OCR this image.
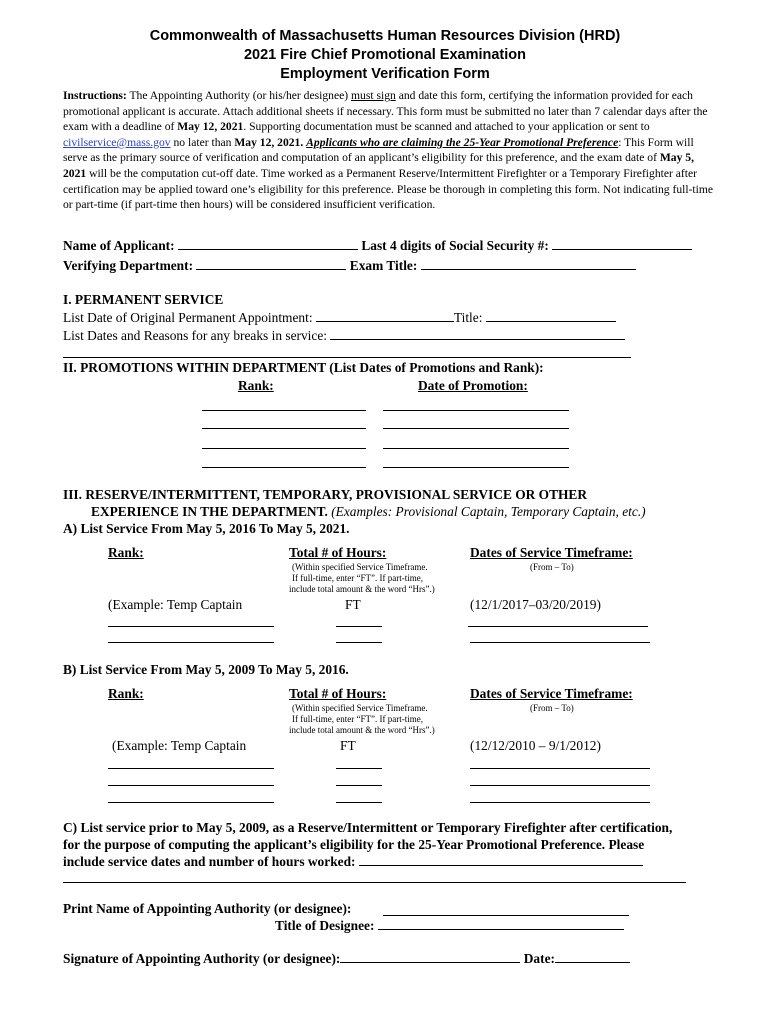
Commonwealth of Massachusetts Human Resources Division (HRD)
2021 Fire Chief Promotional Examination
Employment Verification Form
Instructions: The Appointing Authority (or his/her designee) must sign and date this form, certifying the information provided for each promotional applicant is accurate. Attach additional sheets if necessary. This form must be submitted no later than 7 calendar days after the exam with a deadline of May 12, 2021. Supporting documentation must be scanned and attached to your application or sent to civilservice@mass.gov no later than May 12, 2021. Applicants who are claiming the 25-Year Promotional Preference: This Form will serve as the primary source of verification and computation of an applicant’s eligibility for this preference, and the exam date of May 5, 2021 will be the computation cut-off date. Time worked as a Permanent Reserve/Intermittent Firefighter or a Temporary Firefighter after certification may be applied toward one’s eligibility for this preference. Please be thorough in completing this form. Not indicating full-time or part-time (if part-time then hours) will be considered insufficient verification.
Name of Applicant:	Last 4 digits of Social Security #:
Verifying Department:	Exam Title:
I. PERMANENT SERVICE
List Date of Original Permanent Appointment:	Title:
List Dates and Reasons for any breaks in service:
II. PROMOTIONS WITHIN DEPARTMENT (List Dates of Promotions and Rank):
Rank:	Date of Promotion:
III. RESERVE/INTERMITTENT, TEMPORARY, PROVISIONAL SERVICE OR OTHER
EXPERIENCE IN THE DEPARTMENT. (Examples: Provisional Captain, Temporary Captain, etc.)
A) List Service From May 5, 2016 To May 5, 2021.
Rank:	Total # of Hours:	Dates of Service Timeframe:
(Within specified Service Timeframe.
If full-time, enter “FT”. If part-time,
include total amount & the word “Hrs”.)
(From – To)
(Example: Temp Captain	FT	(12/1/2017–03/20/2019)
B) List Service From May 5, 2009 To May 5, 2016.
Rank:	Total # of Hours:	Dates of Service Timeframe:
(Within specified Service Timeframe.
If full-time, enter “FT”. If part-time,
include total amount & the word “Hrs”.)
(From – To)
(Example: Temp Captain	FT	(12/12/2010 – 9/1/2012)
C) List service prior to May 5, 2009, as a Reserve/Intermittent or Temporary Firefighter after certification,
for the purpose of computing the applicant’s eligibility for the 25-Year Promotional Preference. Please
include service dates and number of hours worked:
Print Name of Appointing Authority (or designee):
Title of Designee:
Signature of Appointing Authority (or designee):	Date:
